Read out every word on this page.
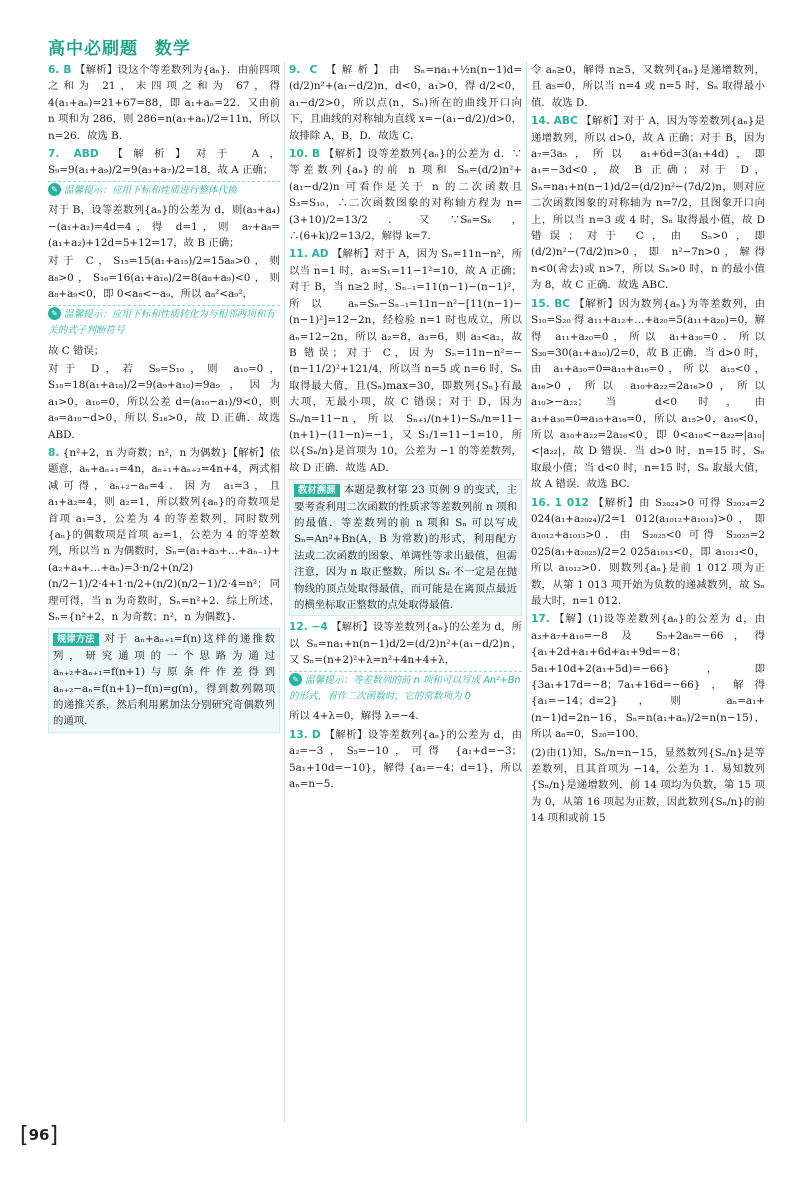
高中必刷题 数学

6. B 【解析】设这个等差数列为{aₙ}．由前四项之和为 21，末四项之和为 67，得 4(a₁+aₙ)=21+67=88，即 a₁+aₙ=22．又由前 n 项和为 286，则 286=n(a₁+aₙ)/2=11n，所以 n=26．故选 B．

7. ABD 【解析】对于 A，S₉=9(a₁+a₉)/2=9(a₃+a₇)/2=18，故 A 正确；

✎ 温馨提示：应用下标和性质进行整体代换

对于 B，设等差数列{aₙ}的公差为 d，则(a₃+a₄)−(a₁+a₂)=4d=4，得 d=1，则 a₇+a₈=(a₁+a₂)+12d=5+12=17，故 B 正确；

对于 C，S₁₅=15(a₁+a₁₅)/2=15a₈>0，则 a₈>0，S₁₆=16(a₁+a₁₆)/2=8(a₈+a₉)<0，则 a₈+a₉<0，即 0<a₈<−a₉，所以 a₈²<a₉²，

✎ 温馨提示：应用下标和性质转化为与相邻两项和有关的式子判断符号

故 C 错误；

对于 D，若 S₉=S₁₀，则 a₁₀=0，S₁₈=18(a₁+a₁₈)/2=9(a₉+a₁₀)=9a₉，因为 a₁>0，a₁₀=0，所以公差 d=(a₁₀−a₁)/9<0，则 a₉=a₁₀−d>0，所以 S₁₈>0，故 D 正确．故选 ABD．

8. {n²+2，n 为奇数；n²，n 为偶数}【解析】依题意，aₙ+aₙ₊₁=4n，aₙ₊₁+aₙ₊₂=4n+4，两式相减可得，aₙ₊₂−aₙ=4．因为 a₁=3，且 a₁+a₂=4，则 a₂=1，所以数列{aₙ}的奇数项是首项 a₁=3，公差为 4 的等差数列，同时数列{aₙ}的偶数项是首项 a₂=1，公差为 4 的等差数列，所以当 n 为偶数时，Sₙ=(a₁+a₃+…+aₙ₋₁)+(a₂+a₄+…+aₙ)=3·n/2+(n/2)(n/2−1)/2·4+1·n/2+(n/2)(n/2−1)/2·4=n²；同理可得，当 n 为奇数时，Sₙ=n²+2．综上所述，Sₙ={n²+2，n 为奇数；n²，n 为偶数}．

规律方法 对于 aₙ+aₙ₊₁=f(n)这样的递推数列，研究通项的一个思路为通过 aₙ₊₂+aₙ₊₁=f(n+1)与原条件作差得到 aₙ₊₂−aₙ=f(n+1)−f(n)=g(n)，得到数列隔项的递推关系，然后利用累加法分别研究奇偶数列的通项．

9. C 【解析】由 Sₙ=na₁+½n(n−1)d=(d/2)n²+(a₁−d/2)n，d<0，a₁>0，得 d/2<0，a₁−d/2>0，所以点(n，Sₙ)所在的曲线开口向下，且曲线的对称轴为直线 x=−(a₁−d/2)/d>0，故排除 A，B，D．故选 C．

10. B 【解析】设等差数列{aₙ}的公差为 d．∵等差数列{aₙ}的前 n 项和 Sₙ=(d/2)n²+(a₁−d/2)n 可看作是关于 n 的二次函数且 S₃=S₁₀，∴二次函数图象的对称轴方程为 n=(3+10)/2=13/2．又∵S₆=Sₖ，∴(6+k)/2=13/2，解得 k=7．

11. AD 【解析】对于 A，因为 Sₙ=11n−n²，所以当 n=1 时，a₁=S₁=11−1²=10，故 A 正确；对于 B，当 n≥2 时，Sₙ₋₁=11(n−1)−(n−1)²，所以 aₙ=Sₙ−Sₙ₋₁=11n−n²−[11(n−1)−(n−1)²]=12−2n，经检验 n=1 时也成立，所以 aₙ=12−2n，所以 a₂=8，a₃=6，则 a₃<a₂，故 B 错误；对于 C，因为 Sₙ=11n−n²=−(n−11/2)²+121/4，所以当 n=5 或 n=6 时，Sₙ 取得最大值，且(Sₙ)max=30，即数列{Sₙ}有最大项，无最小项，故 C 错误；对于 D，因为 Sₙ/n=11−n，所以 Sₙ₊₁/(n+1)−Sₙ/n=11−(n+1)−(11−n)=−1，又 S₁/1=11−1=10，所以{Sₙ/n}是首项为 10，公差为 −1 的等差数列，故 D 正确．故选 AD．

教材溯源 本题是教材第 23 页例 9 的变式，主要考查利用二次函数的性质求等差数列前 n 项和的最值．等差数列的前 n 项和 Sₙ 可以写成 Sₙ=An²+Bn(A，B 为常数)的形式，利用配方法或二次函数的图象、单调性等求出最值，但需注意，因为 n 取正整数，所以 Sₙ 不一定是在抛物线的顶点处取得最值，而可能是在离顶点最近的横坐标取正整数的点处取得最值．

12. −4 【解析】设等差数列{aₙ}的公差为 d，所以 Sₙ=na₁+n(n−1)d/2=(d/2)n²+(a₁−d/2)n，又 Sₙ=(n+2)²+λ=n²+4n+4+λ，

✎ 温馨提示：等差数列的前 n 项和可以写成 An²+Bn 的形式，看作二次函数时，它的常数项为 0

所以 4+λ=0，解得 λ=−4．

13. D 【解析】设等差数列{aₙ}的公差为 d，由 a₂=−3，S₅=−10，可得 {a₁+d=−3；5a₁+10d=−10}，解得 {a₁=−4；d=1}，所以 aₙ=n−5．

令 aₙ≥0，解得 n≥5，又数列{aₙ}是递增数列，且 a₅=0，所以当 n=4 或 n=5 时，Sₙ 取得最小值．故选 D．

14. ABC 【解析】对于 A，因为等差数列{aₙ}是递增数列，所以 d>0，故 A 正确；对于 B，因为 a₇=3a₅，所以 a₁+6d=3(a₁+4d)，即 a₁=−3d<0，故 B 正确；对于 D，Sₙ=na₁+n(n−1)d/2=(d/2)n²−(7d/2)n，则对应二次函数图象的对称轴为 n=7/2，且图象开口向上，所以当 n=3 或 4 时，Sₙ 取得最小值，故 D 错误；对于 C，由 Sₙ>0，即 (d/2)n²−(7d/2)n>0，即 n²−7n>0，解得 n<0(舍去)或 n>7，所以 Sₙ>0 时，n 的最小值为 8，故 C 正确．故选 ABC．

15. BC 【解析】因为数列{aₙ}为等差数列，由 S₁₀=S₂₀ 得 a₁₁+a₁₂+…+a₂₀=5(a₁₁+a₂₀)=0，解得 a₁₁+a₂₀=0，所以 a₁+a₃₀=0．所以 S₃₀=30(a₁+a₃₀)/2=0，故 B 正确．当 d>0 时，由 a₁+a₃₀=0⇒a₁₅+a₁₆=0，所以 a₁₅<0，a₁₆>0，所以 a₁₀+a₂₂=2a₁₆>0，所以 a₁₀>−a₂₂；当 d<0 时，由 a₁+a₃₀=0⇒a₁₅+a₁₆=0，所以 a₁₅>0，a₁₆<0，所以 a₁₀+a₂₂=2a₁₆<0，即 0<a₁₀<−a₂₂⇒|a₁₀|<|a₂₂|，故 D 错误．当 d>0 时，n=15 时，Sₙ 取最小值；当 d<0 时，n=15 时，Sₙ 取最大值，故 A 错误．故选 BC．

16. 1 012 【解析】由 S₂₀₂₄>0 可得 S₂₀₂₄=2 024(a₁+a₂₀₂₄)/2=1 012(a₁₀₁₂+a₁₀₁₃)>0，即 a₁₀₁₂+a₁₀₁₃>0．由 S₂₀₂₅<0 可得 S₂₀₂₅=2 025(a₁+a₂₀₂₅)/2=2 025a₁₀₁₃<0，即 a₁₀₁₃<0，所以 a₁₀₁₂>0．则数列{aₙ}是前 1 012 项为正数，从第 1 013 项开始为负数的递减数列，故 Sₙ 最大时，n=1 012．

17. 【解】(1)设等差数列{aₙ}的公差为 d，由 a₃+a₇+a₁₀=−8 及 S₅+2a₆=−66，得 {a₁+2d+a₁+6d+a₁+9d=−8；5a₁+10d+2(a₁+5d)=−66}，即 {3a₁+17d=−8；7a₁+16d=−66}，解得 {a₁=−14；d=2}，则 aₙ=a₁+(n−1)d=2n−16，Sₙ=n(a₁+aₙ)/2=n(n−15)，所以 a₈=0，S₂₀=100．

(2)由(1)知，Sₙ/n=n−15，显然数列{Sₙ/n}是等差数列，且其首项为 −14，公差为 1．易知数列{Sₙ/n}是递增数列，前 14 项均为负数，第 15 项为 0，从第 16 项起为正数，因此数列{Sₙ/n}的前 14 项和或前 15

[96]
